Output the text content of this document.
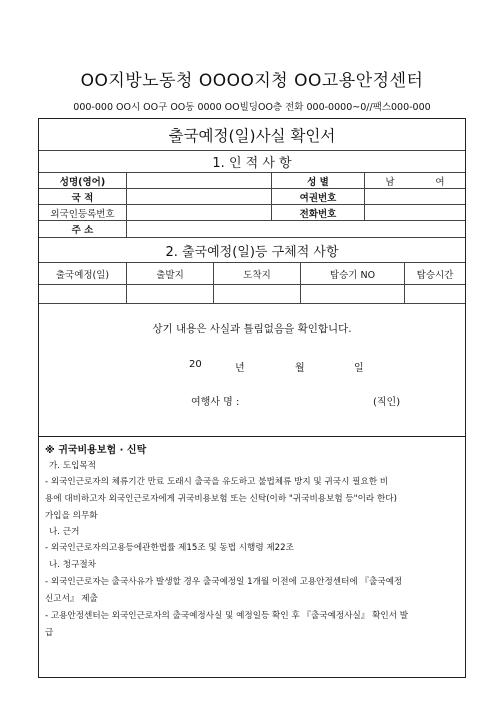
OO지방노동청 OOOO지청 OO고용안정센터
000-000 OO시 OO구 OO동 0000 OO빌딩OO층 전화 000-0000~0//팩스000-000
출국예정(일)사실 확인서
1. 인 적 사 항
성명(영어)	성 별	남	여
국 적	여권번호
외국인등록번호	전화번호
주 소
2. 출국예정(일)등 구체적 사항
출국예정(일)	출발지	도착지	탑승기 NO	탑승시간
상기 내용은 사실과 틀림없음을 확인합니다.
20	년	월	일
여행사 명 :	(직인)
※ 귀국비용보험 · 신탁
가. 도입목적
- 외국인근로자의 체류기간 만료 도래시 출국을 유도하고 불법체류 방지 및 귀국시 필요한 비
용에 대비하고자 외국인근로자에게 귀국비용보험 또는 신탁(이하 "귀국비용보험 등"이라 한다)
가입을 의무화
나. 근거
- 외국인근로자의고용등에관한법률 제15조 및 동법 시행령 제22조
나. 청구절차
- 외국인근로자는 출국사유가 발생할 경우 출국예정일 1개월 이전에 고용안정센터에 『출국예정
신고서』 제출
- 고용안정센터는 외국인근로자의 출국예정사실 및 예정일등 확인 후 『출국예정사실』 확인서 발
급
